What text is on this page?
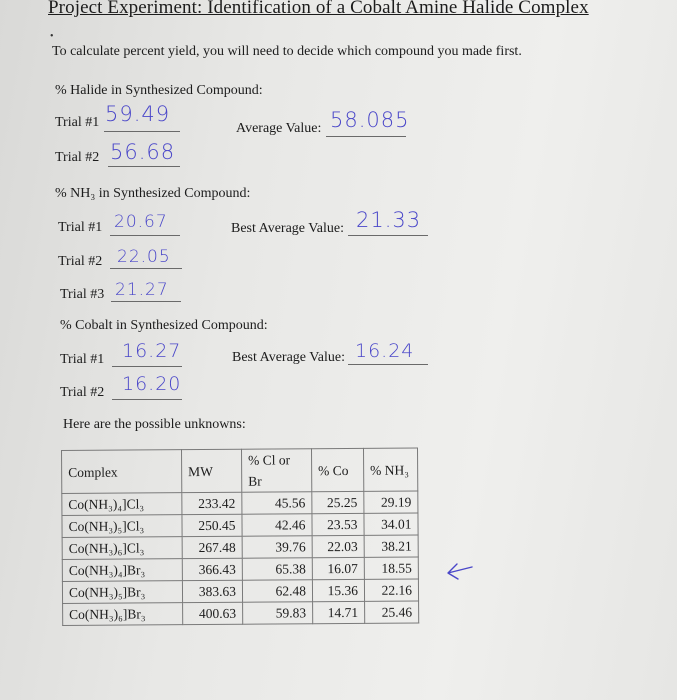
Project Experiment: Identification of a Cobalt Amine Halide Complex
•
To calculate percent yield, you will need to decide which compound you made first.
% Halide in Synthesized Compound:
Trial #1 59.49
Average Value: 58.085
Trial #2 56.68
% NH₃ in Synthesized Compound:
Trial #1 20.67	Best Average Value: 21.33
Trial #2 22.05
Trial #3 21.27
% Cobalt in Synthesized Compound:
Trial #1 16.27	Best Average Value: 16.24
Trial #2 16.20
Here are the possible unknowns:
Complex	MW	% Cl or Br	% Co	% NH₃
Co(NH₃)₄]Cl₃	233.42	45.56	25.25	29.19
Co(NH₃)₅]Cl₃	250.45	42.46	23.53	34.01
Co(NH₃)₆]Cl₃	267.48	39.76	22.03	38.21
Co(NH₃)₄]Br₃	366.43	65.38	16.07	18.55
Co(NH₃)₅]Br₃	383.63	62.48	15.36	22.16
Co(NH₃)₆]Br₃	400.63	59.83	14.71	25.46
